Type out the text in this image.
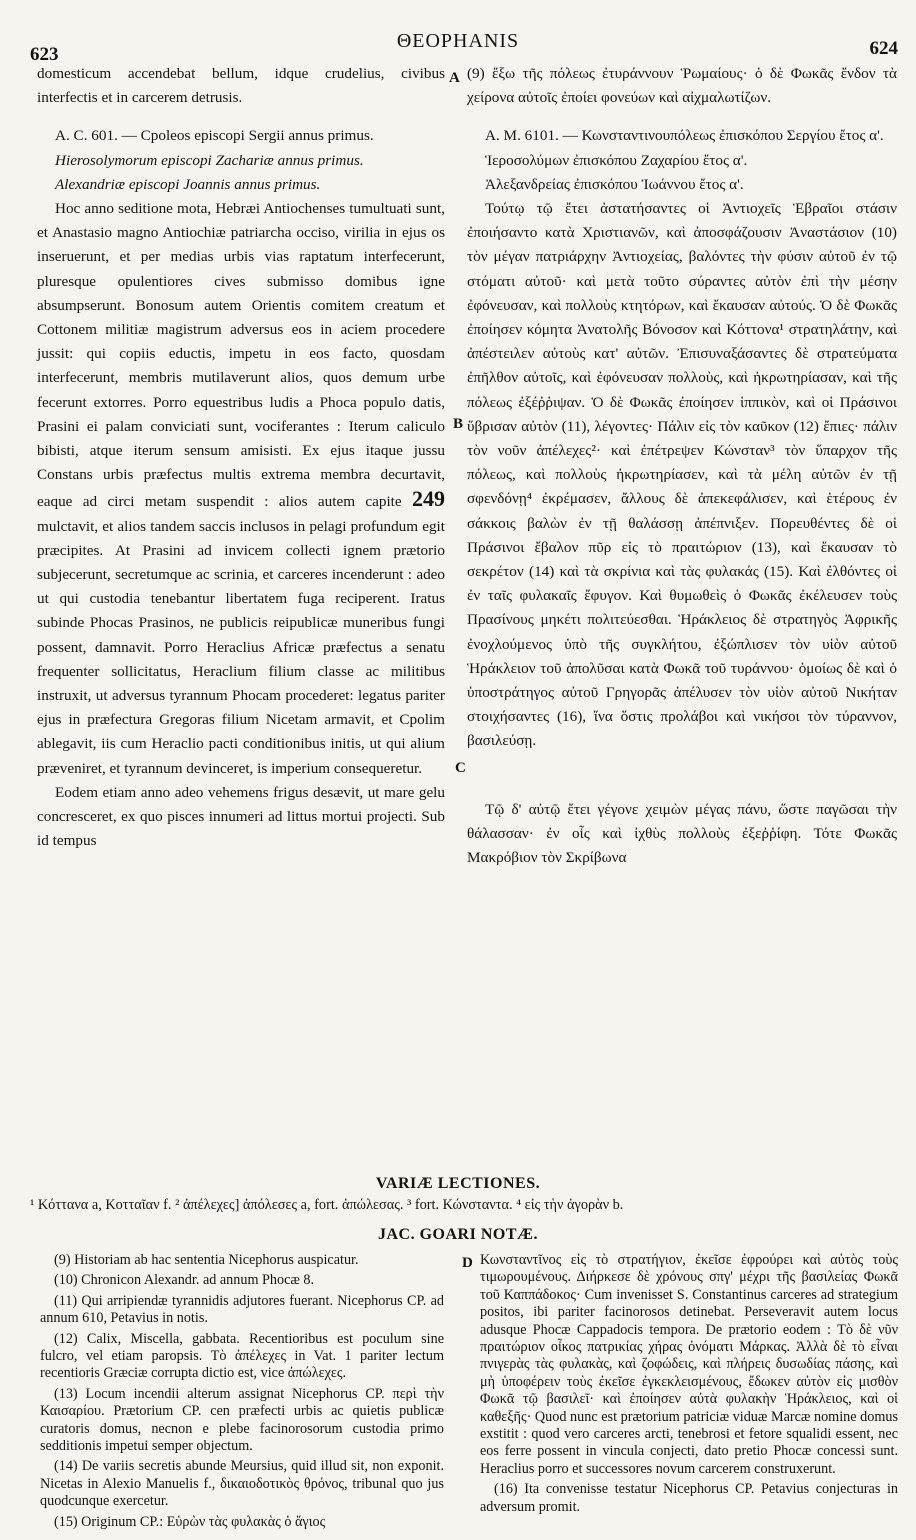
623
ΘΕΟΡΗΑΝΙS	624

domesticum accendebat bellum, idque crudelius, civibus interfectis et in carcerem detrusis.

A. C. 601. — Cpoleos episcopi Sergii annus primus.

Hierosolymorum episcopi Zachariæ annus primus.

Alexandriæ episcopi Joannis annus primus.

Hoc anno seditione mota, Hebræi Antiochenses tumultuati sunt, et Anastasio magno Antiochiæ patriarcha occiso, virilia in ejus os inseruerunt, et per medias urbis vias raptatum interfecerunt, pluresque opulentiores cives submisso domibus igne absumpserunt. Bonosum autem Orientis comitem creatum et Cottonem militiæ magistrum adversus eos in aciem procedere jussit: qui copiis eductis, impetu in eos facto, quosdam interfecerunt, membris mutilaverunt alios, quos demum urbe fecerunt extorres. Porro equestribus ludis a Phoca populo datis, Prasini ei palam conviciati sunt, vociferantes : Iterum caliculo bibisti, atque iterum sensum amisisti. Ex ejus itaque jussu Constans urbis præfectus multis extrema membra decurtavit, eaque ad circi metam suspendit : alios autem capite 249 mulctavit, et alios tandem saccis inclusos in pelagi profundum egit præcipites. At Prasini ad invicem collecti ignem prætorio subjecerunt, secretumque ac scrinia, et carceres incenderunt : adeo ut qui custodia tenebantur libertatem fuga reciperent. Iratus subinde Phocas Prasinos, ne publicis reipublicæ muneribus fungi possent, damnavit. Porro Heraclius Africæ præfectus a senatu frequenter sollicitatus, Heraclium filium classe ac militibus instruxit, ut adversus tyrannum Phocam procederet: legatus pariter ejus in præfectura Gregoras filium Nicetam armavit, et Cpolim ablegavit, iis cum Heraclio pacti conditionibus initis, ut qui alium præveniret, et tyrannum devinceret, is imperium consequeretur.

Eodem etiam anno adeo vehemens frigus desævit, ut mare gelu concresceret, ex quo pisces innumeri ad littus mortui projecti. Sub id tempus

(9) ἔξω τῆς πόλεως ἐτυράννουν Ῥωμαίους· ὁ δὲ Φωκᾶς ἔνδον τὰ χείρονα αὐτοῖς ἐποίει φονεύων καὶ αἰχμαλωτίζων.

A. M. 6101. — Κωνσταντινουπόλεως ἐπισκόπου Σεργίου ἔτος α'.

Ἱεροσολύμων ἐπισκόπου Ζαχαρίου ἔτος α'.

Ἀλεξανδρείας ἐπισκόπου Ἰωάννου ἔτος α'.

Τούτῳ τῷ ἔτει ἀστατήσαντες οἱ Ἀντιοχεῖς Ἑβραῖοι στάσιν ἐποιήσαντο κατὰ Χριστιανῶν, καὶ ἀποσφάζουσιν Ἀναστάσιον (10) τὸν μέγαν πατριάρχην Ἀντιοχείας, βαλόντες τὴν φύσιν αὐτοῦ ἐν τῷ στόματι αὐτοῦ· καὶ μετὰ τοῦτο σύραντες αὐτὸν ἐπὶ τὴν μέσην ἐφόνευσαν, καὶ πολλοὺς κτητόρων, καὶ ἔκαυσαν αὐτούς. Ὁ δὲ Φωκᾶς ἐποίησεν κόμητα Ἀνατολῆς Βόνοσον καὶ Κόττονα¹ στρατηλάτην, καὶ ἀπέστειλεν αὐτοὺς κατ' αὐτῶν. Ἐπισυναξάσαντες δὲ στρατεύματα ἐπῆλθον αὐτοῖς, καὶ ἐφόνευσαν πολλοὺς, καὶ ἠκρωτηρίασαν, καὶ τῆς πόλεως ἐξέῤῥιψαν. Ὁ δὲ Φωκᾶς ἐποίησεν ἱππικὸν, καὶ οἱ Πράσινοι ὕβρισαν αὐτὸν (11), λέγοντες· Πάλιν εἰς τὸν καῦκον (12) ἔπιες· πάλιν τὸν νοῦν ἀπέλεχες²· καὶ ἐπέτρεψεν Κώνσταν³ τὸν ὕπαρχον τῆς πόλεως, καὶ πολλοὺς ἠκρωτηρίασεν, καὶ τὰ μέλη αὐτῶν ἐν τῇ σφενδόνῃ⁴ ἐκρέμασεν, ἄλλους δὲ ἀπεκεφάλισεν, καὶ ἑτέρους ἐν σάκκοις βαλὼν ἐν τῇ θαλάσσῃ ἀπέπνιξεν. Πορευθέντες δὲ οἱ Πράσινοι ἔβαλον πῦρ εἰς τὸ πραιτώριον (13), καὶ ἔκαυσαν τὸ σεκρέτον (14) καὶ τὰ σκρίνια καὶ τὰς φυλακάς (15). Καὶ ἐλθόντες οἱ ἐν ταῖς φυλακαῖς ἔφυγον. Καὶ θυμωθεὶς ὁ Φωκᾶς ἐκέλευσεν τοὺς Πρασίνους μηκέτι πολιτεύεσθαι. Ἡράκλειος δὲ στρατηγὸς Ἀφρικῆς ἐνοχλούμενος ὑπὸ τῆς συγκλήτου, ἐξώπλισεν τὸν υἱὸν αὐτοῦ Ἡράκλειον τοῦ ἀπολῦσαι κατὰ Φωκᾶ τοῦ τυράννου· ὁμοίως δὲ καὶ ὁ ὑποστράτηγος αὐτοῦ Γρηγορᾶς ἀπέλυσεν τὸν υἱὸν αὐτοῦ Νικήταν στοιχήσαντες (16), ἵνα ὅστις προλάβοι καὶ νικήσοι τὸν τύραννον, βασιλεύσῃ.

Τῷ δ' αὐτῷ ἔτει γέγονε χειμὼν μέγας πάνυ, ὥστε παγῶσαι τὴν θάλασσαν· ἐν οἷς καὶ ἰχθὺς πολλοὺς ἐξεῤῥίφη. Τότε Φωκᾶς Μακρόβιον τὸν Σκρίβωνα

A
B
C
D
VARIÆ LECTIONES.
¹ Κόττανα a, Κοτταῖαν f. ² ἀπέλεχες] ἀπόλεσες a, fort. ἀπώλεσας. ³ fort. Κώνσταντα. ⁴ εἰς τὴν ἀγορὰν b.
JAC. GOARI NOTÆ.

(9) Historiam ab hac sententia Nicephorus auspicatur.

(10) Chronicon Alexandr. ad annum Phocæ 8.

(11) Qui arripiendæ tyrannidis adjutores fuerant. Nicephorus CP. ad annum 610, Petavius in notis.

(12) Calix, Miscella, gabbata. Recentioribus est poculum sine fulcro, vel etiam paropsis. Τὸ ἀπέλεχες in Vat. 1 pariter lectum recentioris Græciæ corrupta dictio est, vice ἀπώλεχες.

(13) Locum incendii alterum assignat Nicephorus CP. περὶ τὴν Καισαρίου. Prætorium CP. cen præfecti urbis ac quietis publicæ curatoris domus, necnon e plebe facinorosorum custodia primo sedditionis impetui semper objectum.

(14) De variis secretis abunde Meursius, quid illud sit, non exponit. Nicetas in Alexio Manuelis f., δικαιοδοτικὸς θρόνος, tribunal quo jus quodcunque exercetur.

(15) Originum CP.: Εὑρὼν τὰς φυλακὰς ὁ ἅγιος

Κωνσταντῖνος εἰς τὸ στρατήγιον, ἐκεῖσε ἐφρούρει καὶ αὐτὸς τοὺς τιμωρουμένους. Διήρκεσε δὲ χρόνους σπγ' μέχρι τῆς βασιλείας Φωκᾶ τοῦ Καππάδοκος· Cum invenisset S. Constantinus carceres ad strategium positos, ibi pariter facinorosos detinebat. Perseveravit autem locus adusque Phocæ Cappadocis tempora. De prætorio eodem : Τὸ δὲ νῦν πραιτώριον οἶκος πατρικίας χήρας ὀνόματι Μάρκας. Ἀλλὰ δὲ τὸ εἶναι πνιγερὰς τὰς φυλακὰς, καὶ ζοφώδεις, καὶ πλήρεις δυσωδίας πάσης, καὶ μὴ ὑποφέρειν τοὺς ἐκεῖσε ἐγκεκλεισμένους, ἔδωκεν αὐτὸν εἰς μισθὸν Φωκᾶ τῷ βασιλεῖ· καὶ ἐποίησεν αὐτὰ φυλακὴν Ἡράκλειος, καὶ οἱ καθεξῆς· Quod nunc est prætorium patriciæ viduæ Marcæ nomine domus exstitit : quod vero carceres arcti, tenebrosi et fetore squalidi essent, nec eos ferre possent in vincula conjecti, dato pretio Phocæ concessi sunt. Heraclius porro et successores novum carcerem construxerunt.

(16) Ita convenisse testatur Nicephorus CP. Petavius conjecturas in adversum promit.
